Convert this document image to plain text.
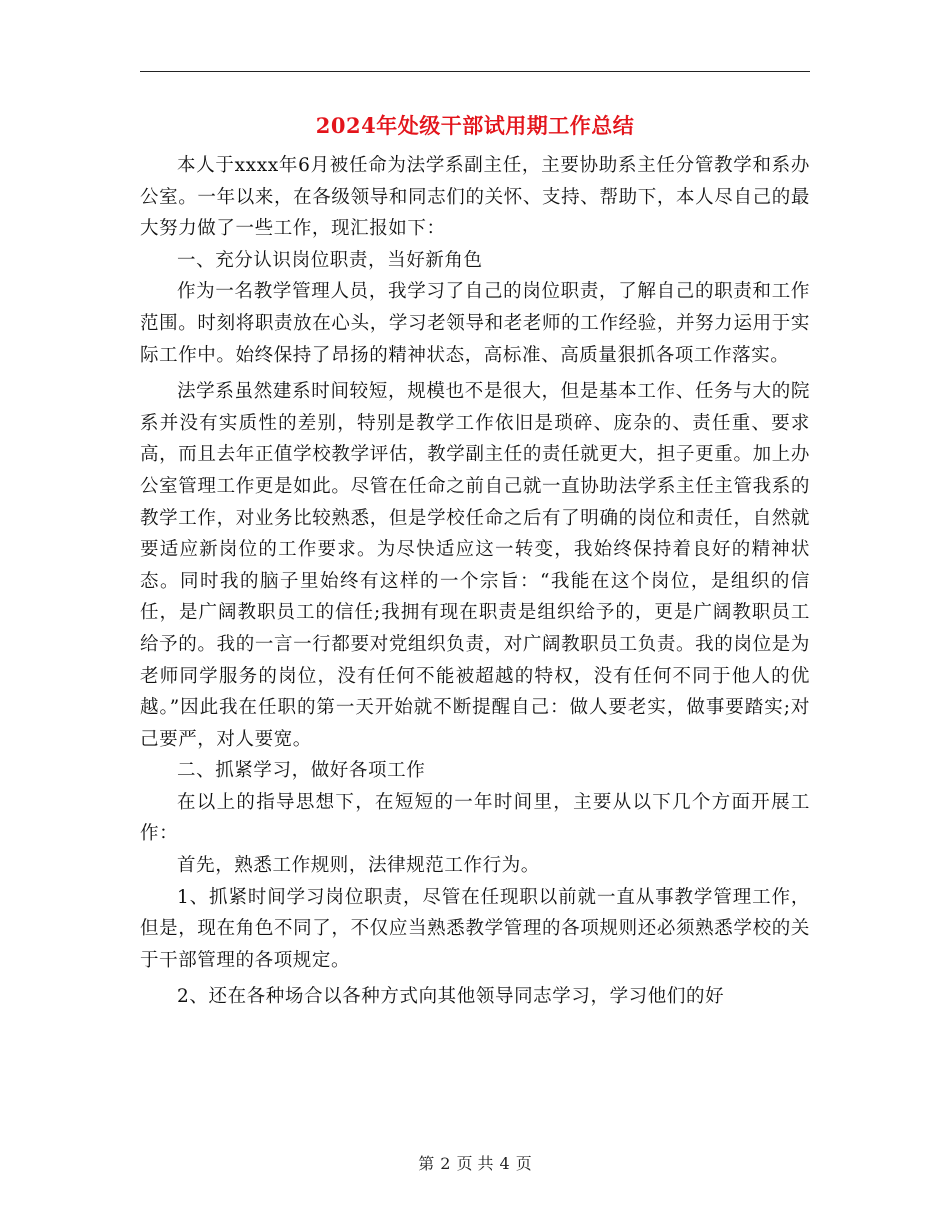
2024年处级干部试用期工作总结

本人于xxxx年6月被任命为法学系副主任，主要协助系主任分管教学和系办公室。一年以来，在各级领导和同志们的关怀、支持、帮助下，本人尽自己的最大努力做了一些工作，现汇报如下：

一、充分认识岗位职责，当好新角色

作为一名教学管理人员，我学习了自己的岗位职责，了解自己的职责和工作范围。时刻将职责放在心头，学习老领导和老老师的工作经验，并努力运用于实际工作中。始终保持了昂扬的精神状态，高标准、高质量狠抓各项工作落实。

法学系虽然建系时间较短，规模也不是很大，但是基本工作、任务与大的院系并没有实质性的差别，特别是教学工作依旧是琐碎、庞杂的、责任重、要求高，而且去年正值学校教学评估，教学副主任的责任就更大，担子更重。加上办公室管理工作更是如此。尽管在任命之前自己就一直协助法学系主任主管我系的教学工作，对业务比较熟悉，但是学校任命之后有了明确的岗位和责任，自然就要适应新岗位的工作要求。为尽快适应这一转变，我始终保持着良好的精神状态。同时我的脑子里始终有这样的一个宗旨：“我能在这个岗位，是组织的信任，是广阔教职员工的信任;我拥有现在职责是组织给予的，更是广阔教职员工给予的。我的一言一行都要对党组织负责，对广阔教职员工负责。我的岗位是为老师同学服务的岗位，没有任何不能被超越的特权，没有任何不同于他人的优越。”因此我在任职的第一天开始就不断提醒自己：做人要老实，做事要踏实;对己要严，对人要宽。

二、抓紧学习，做好各项工作

在以上的指导思想下，在短短的一年时间里，主要从以下几个方面开展工作：

首先，熟悉工作规则，法律规范工作行为。

1、抓紧时间学习岗位职责，尽管在任现职以前就一直从事教学管理工作，但是，现在角色不同了，不仅应当熟悉教学管理的各项规则还必须熟悉学校的关于干部管理的各项规定。

2、还在各种场合以各种方式向其他领导同志学习，学习他们的好

第 2 页 共 4 页
